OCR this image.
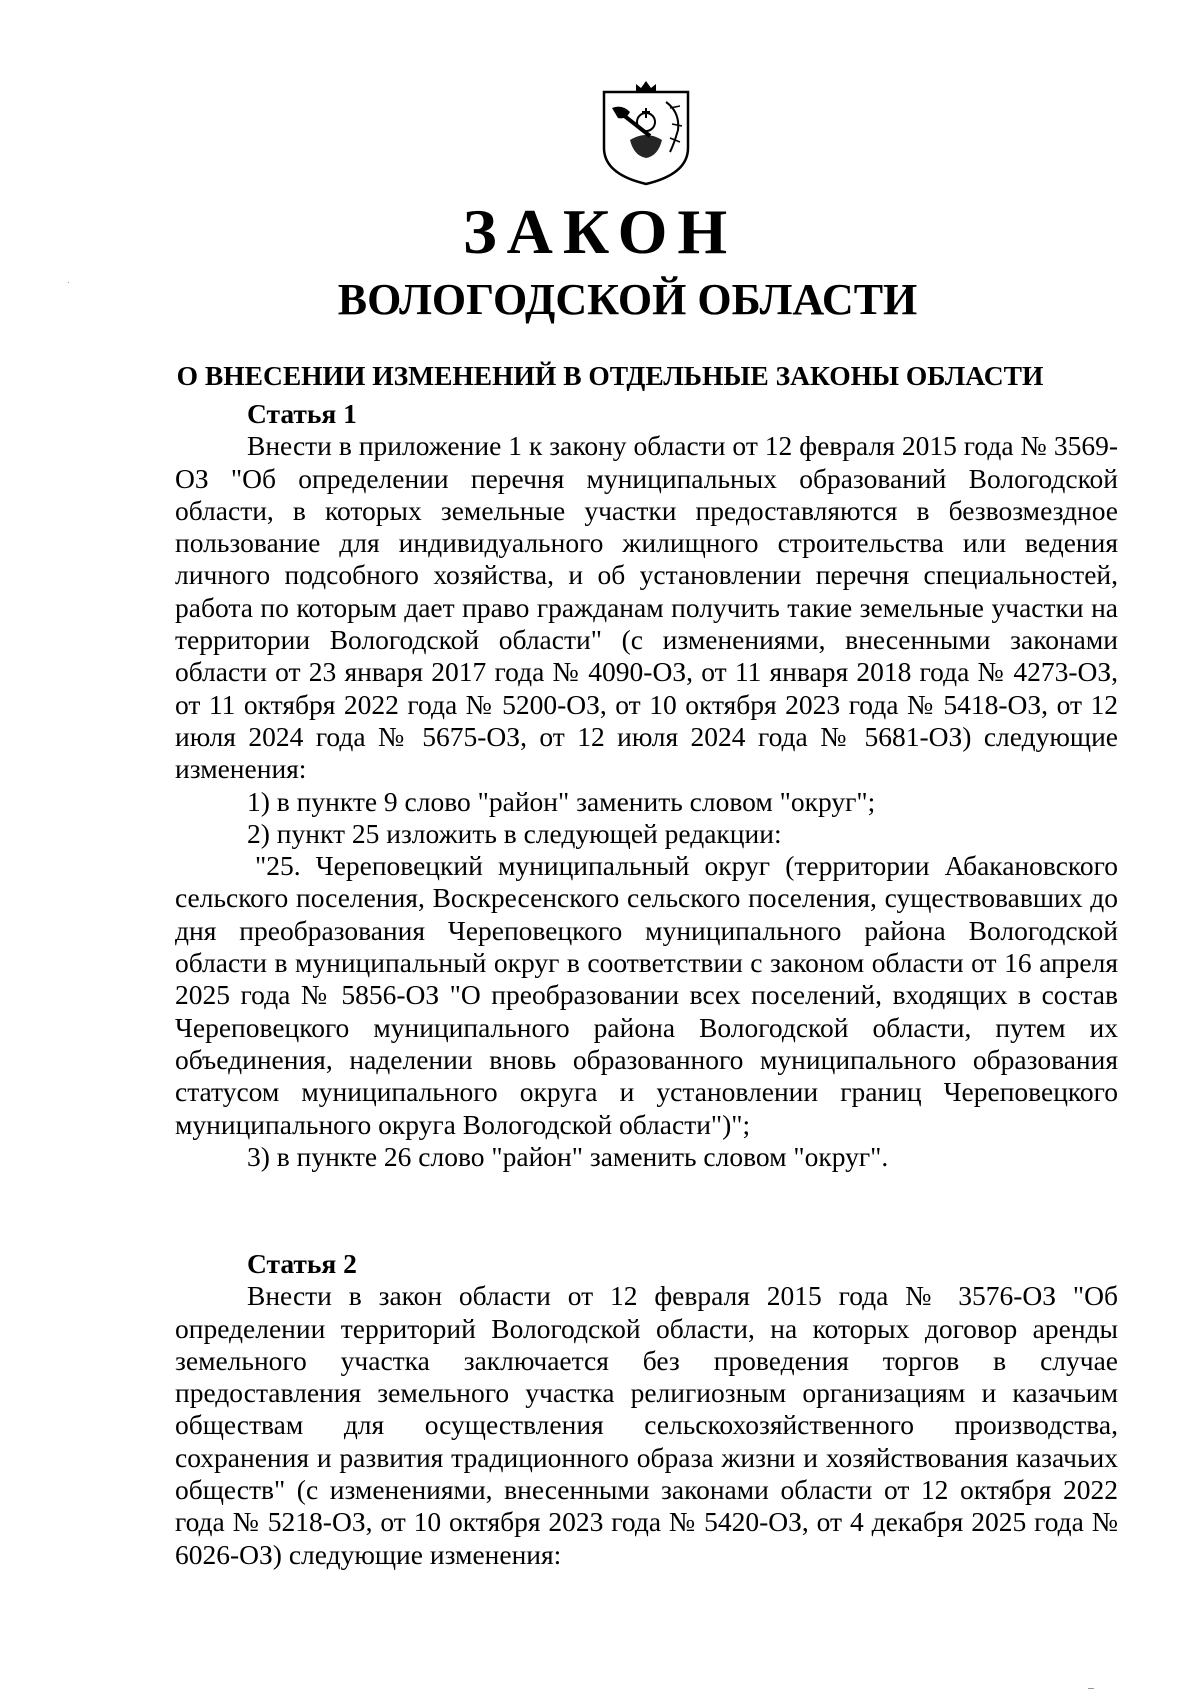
ЗАКОН
ВОЛОГОДСКОЙ ОБЛАСТИ
О ВНЕСЕНИИ ИЗМЕНЕНИЙ В ОТДЕЛЬНЫЕ ЗАКОНЫ ОБЛАСТИ

Статья 1

Внести в приложение 1 к закону области от 12 февраля 2015 года № 3569-ОЗ "Об определении перечня муниципальных образований Вологодской области, в которых земельные участки предоставляются в безвозмездное пользование для индивидуального жилищного строительства или ведения личного подсобного хозяйства, и об установлении перечня специальностей, работа по которым дает право гражданам получить такие земельные участки на территории Вологодской области" (с изменениями, внесенными законами области от 23 января 2017 года № 4090-ОЗ, от 11 января 2018 года № 4273-ОЗ, от 11 октября 2022 года № 5200-ОЗ, от 10 октября 2023 года № 5418-ОЗ, от 12 июля 2024 года № 5675-ОЗ, от 12 июля 2024 года № 5681-ОЗ) следующие изменения:

1) в пункте 9 слово "район" заменить словом "округ";

2) пункт 25 изложить в следующей редакции:

"25. Череповецкий муниципальный округ (территории Абакановского сельского поселения, Воскресенского сельского поселения, существовавших до дня преобразования Череповецкого муниципального района Вологодской области в муниципальный округ в соответствии с законом области от 16 апреля 2025 года № 5856-ОЗ "О преобразовании всех поселений, входящих в состав Череповецкого муниципального района Вологодской области, путем их объединения, наделении вновь образованного муниципального образования статусом муниципального округа и установлении границ Череповецкого муниципального округа Вологодской области")";

3) в пункте 26 слово "район" заменить словом "округ".

Статья 2

Внести в закон области от 12 февраля 2015 года № 3576-ОЗ "Об определении территорий Вологодской области, на которых договор аренды земельного участка заключается без проведения торгов в случае предоставления земельного участка религиозным организациям и казачьим обществам для осуществления сельскохозяйственного производства, сохранения и развития традиционного образа жизни и хозяйствования казачьих обществ" (с изменениями, внесенными законами области от 12 октября 2022 года № 5218-ОЗ, от 10 октября 2023 года № 5420-ОЗ, от 4 декабря 2025 года № 6026-ОЗ) следующие изменения:
